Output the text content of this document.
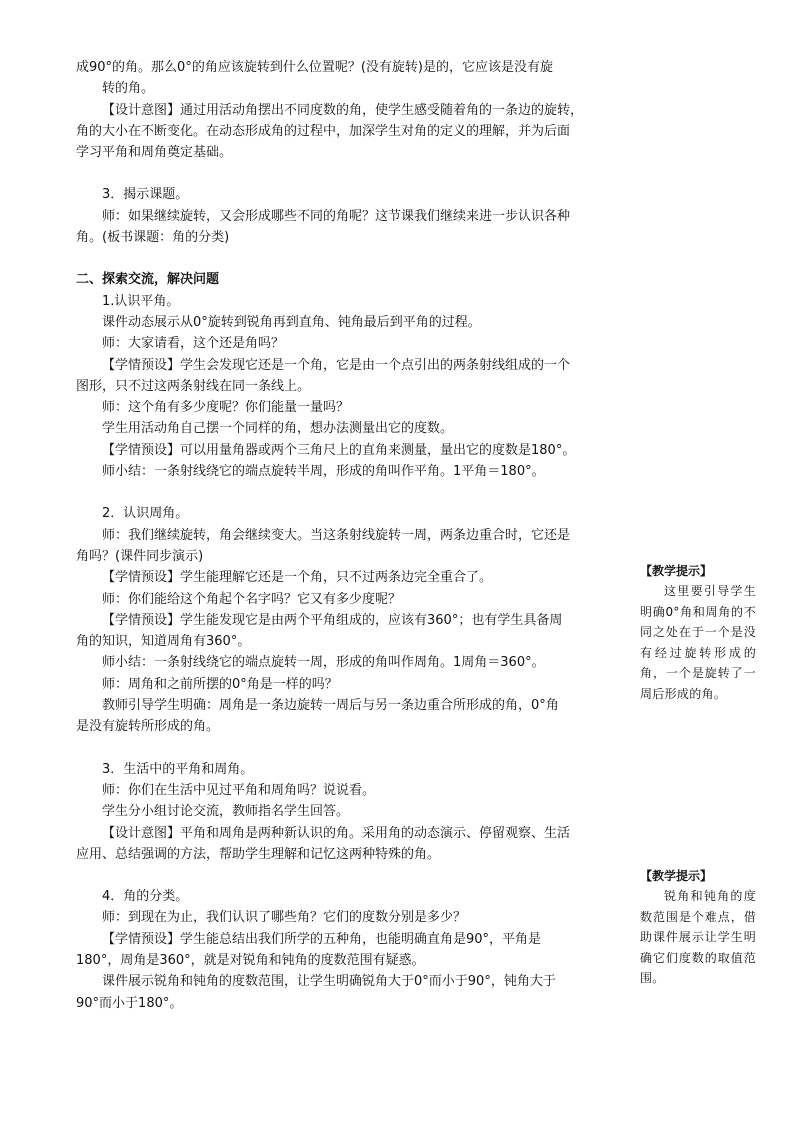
成90°的角。那么0°的角应该旋转到什么位置呢？(没有旋转)是的，它应该是没有旋

转的角。

【设计意图】通过用活动角摆出不同度数的角，使学生感受随着角的一条边的旋转，

角的大小在不断变化。在动态形成角的过程中，加深学生对角的定义的理解，并为后面

学习平角和周角奠定基础。

3．揭示课题。

师：如果继续旋转，又会形成哪些不同的角呢？这节课我们继续来进一步认识各种

角。(板书课题：角的分类)

二、探索交流，解决问题

1.认识平角。

课件动态展示从0°旋转到锐角再到直角、钝角最后到平角的过程。

师：大家请看，这个还是角吗？

【学情预设】学生会发现它还是一个角，它是由一个点引出的两条射线组成的一个

图形，只不过这两条射线在同一条线上。

师：这个角有多少度呢？你们能量一量吗？

学生用活动角自己摆一个同样的角，想办法测量出它的度数。

【学情预设】可以用量角器或两个三角尺上的直角来测量，量出它的度数是180°。

师小结：一条射线绕它的端点旋转半周，形成的角叫作平角。1平角＝180°。

2．认识周角。

师：我们继续旋转，角会继续变大。当这条射线旋转一周，两条边重合时，它还是

角吗？(课件同步演示)

【学情预设】学生能理解它还是一个角，只不过两条边完全重合了。

师：你们能给这个角起个名字吗？它又有多少度呢？

【学情预设】学生能发现它是由两个平角组成的，应该有360°；也有学生具备周

角的知识，知道周角有360°。

师小结：一条射线绕它的端点旋转一周，形成的角叫作周角。1周角＝360°。

师：周角和之前所摆的0°角是一样的吗？

教师引导学生明确：周角是一条边旋转一周后与另一条边重合所形成的角，0°角

是没有旋转所形成的角。

3．生活中的平角和周角。

师：你们在生活中见过平角和周角吗？说说看。

学生分小组讨论交流，教师指名学生回答。

【设计意图】平角和周角是两种新认识的角。采用角的动态演示、停留观察、生活

应用、总结强调的方法，帮助学生理解和记忆这两种特殊的角。

4．角的分类。

师：到现在为止，我们认识了哪些角？它们的度数分别是多少？

【学情预设】学生能总结出我们所学的五种角，也能明确直角是90°，平角是

180°，周角是360°，就是对锐角和钝角的度数范围有疑惑。

课件展示锐角和钝角的度数范围，让学生明确锐角大于0°而小于90°，钝角大于

90°而小于180°。

【教学提示】

这里要引导学生明确0°角和周角的不同之处在于一个是没有经过旋转形成的角，一个是旋转了一周后形成的角。

【教学提示】

锐角和钝角的度数范围是个难点，借助课件展示让学生明确它们度数的取值范围。
